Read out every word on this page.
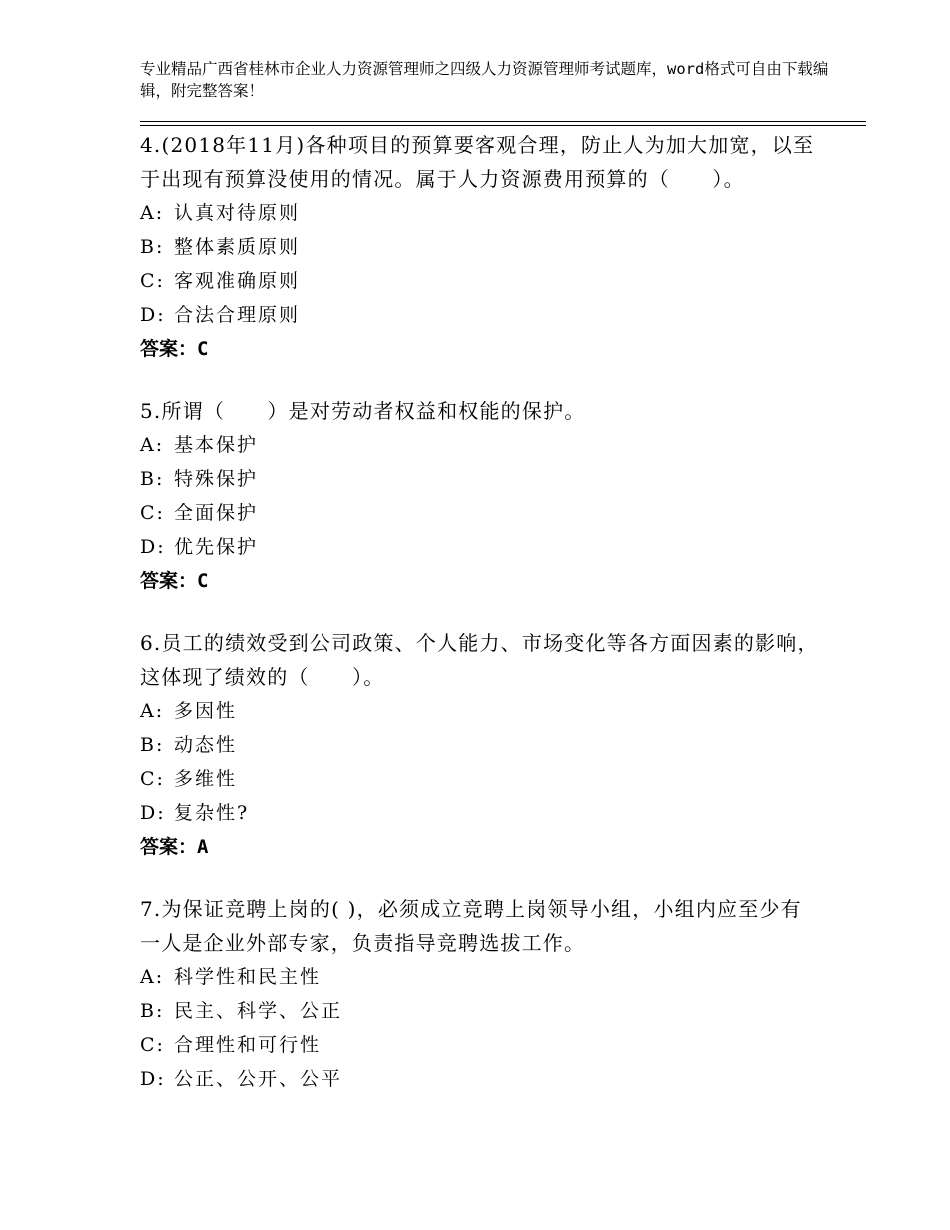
专业精品广西省桂林市企业人力资源管理师之四级人力资源管理师考试题库，word格式可自由下载编辑，附完整答案！

4.(2018年11月)各种项目的预算要客观合理，防止人为加大加宽，以至于出现有预算没使用的情况。属于人力资源费用预算的（　　）。

A: 认真对待原则

B: 整体素质原则

C: 客观准确原则

D: 合法合理原则

答案：C

5.所谓（　　）是对劳动者权益和权能的保护。

A: 基本保护

B: 特殊保护

C: 全面保护

D: 优先保护

答案：C

6.员工的绩效受到公司政策、个人能力、市场变化等各方面因素的影响，这体现了绩效的（　　）。

A: 多因性

B: 动态性

C: 多维性

D: 复杂性?

答案：A

7.为保证竞聘上岗的( )，必须成立竞聘上岗领导小组，小组内应至少有一人是企业外部专家，负责指导竞聘选拔工作。

A: 科学性和民主性

B: 民主、科学、公正

C: 合理性和可行性

D: 公正、公开、公平
